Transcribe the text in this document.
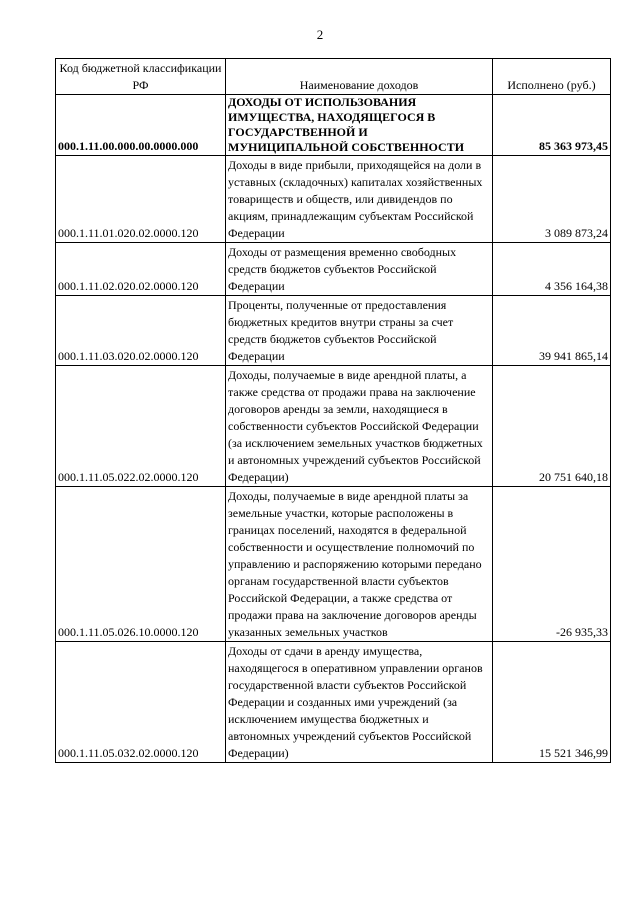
2
Код бюджетной классификации РФ	Наименование доходов	Исполнено (руб.)
000.1.11.00.000.00.0000.000	ДОХОДЫ ОТ ИСПОЛЬЗОВАНИЯ ИМУЩЕСТВА, НАХОДЯЩЕГОСЯ В ГОСУДАРСТВЕННОЙ И МУНИЦИПАЛЬНОЙ СОБСТВЕННОСТИ	85 363 973,45
000.1.11.01.020.02.0000.120	Доходы в виде прибыли, приходящейся на доли в уставных (складочных) капиталах хозяйственных товариществ и обществ, или дивидендов по акциям, принадлежащим субъектам Российской Федерации	3 089 873,24
000.1.11.02.020.02.0000.120	Доходы от размещения временно свободных средств бюджетов субъектов Российской Федерации	4 356 164,38
000.1.11.03.020.02.0000.120	Проценты, полученные от предоставления бюджетных кредитов внутри страны за счет средств бюджетов субъектов Российской Федерации	39 941 865,14
000.1.11.05.022.02.0000.120	Доходы, получаемые в виде арендной платы, а также средства от продажи права на заключение договоров аренды за земли, находящиеся в собственности субъектов Российской Федерации (за исключением земельных участков бюджетных и автономных учреждений субъектов Российской Федерации)	20 751 640,18
000.1.11.05.026.10.0000.120	Доходы, получаемые в виде арендной платы за земельные участки, которые расположены в границах поселений, находятся в федеральной собственности и осуществление полномочий по управлению и распоряжению которыми передано органам государственной власти субъектов Российской Федерации, а также средства от продажи права на заключение договоров аренды указанных земельных участков	-26 935,33
000.1.11.05.032.02.0000.120	Доходы от сдачи в аренду имущества, находящегося в оперативном управлении органов государственной власти субъектов Российской Федерации и созданных ими учреждений (за исключением имущества бюджетных и автономных учреждений субъектов Российской Федерации)	15 521 346,99
